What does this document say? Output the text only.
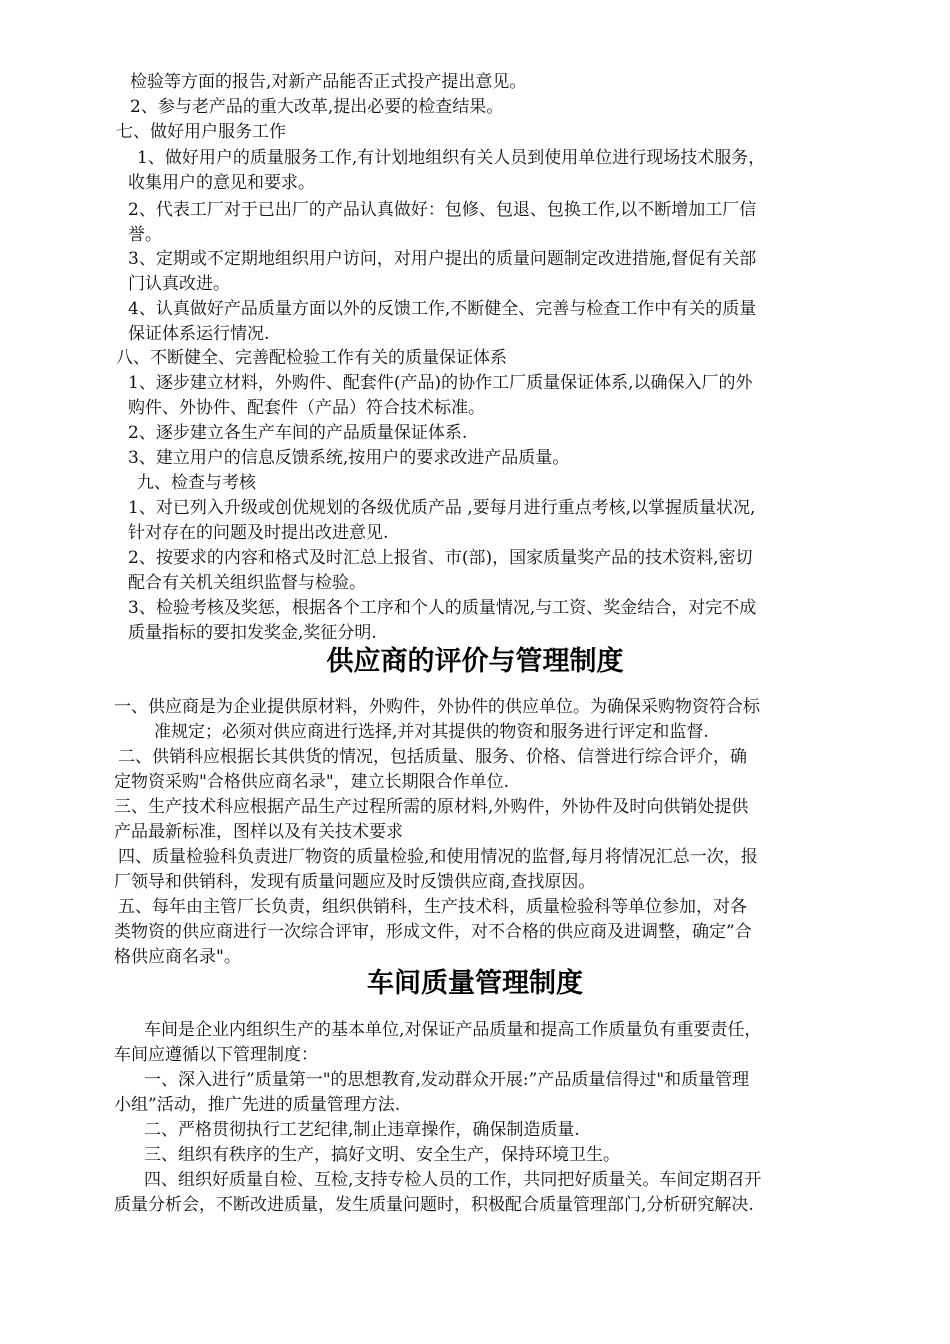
检验等方面的报告,对新产品能否正式投产提出意见。
2、参与老产品的重大改革,提出必要的检查结果。
七、做好用户服务工作
1、做好用户的质量服务工作,有计划地组织有关人员到使用单位进行现场技术服务，
收集用户的意见和要求。
2、代表工厂对于已出厂的产品认真做好：包修、包退、包换工作,以不断增加工厂信
誉。
3、定期或不定期地组织用户访问，对用户提出的质量问题制定改进措施,督促有关部
门认真改进。
4、认真做好产品质量方面以外的反馈工作,不断健全、完善与检查工作中有关的质量
保证体系运行情况.
八、不断健全、完善配检验工作有关的质量保证体系
1、逐步建立材料，外购件、配套件(产品)的协作工厂质量保证体系,以确保入厂的外
购件、外协件、配套件（产品）符合技术标准。
2、逐步建立各生产车间的产品质量保证体系.
3、建立用户的信息反馈系统,按用户的要求改进产品质量。
九、检查与考核
1、对已列入升级或创优规划的各级优质产品 ,要每月进行重点考核,以掌握质量状况,
针对存在的问题及时提出改进意见.
2、按要求的内容和格式及时汇总上报省、市(部)，国家质量奖产品的技术资料,密切
配合有关机关组织监督与检验。
3、检验考核及奖惩，根据各个工序和个人的质量情况,与工资、奖金结合，对完不成
质量指标的要扣发奖金,奖征分明.
供应商的评价与管理制度
一、供应商是为企业提供原材料，外购件，外协件的供应单位。为确保采购物资符合标
准规定；必须对供应商进行选择,并对其提供的物资和服务进行评定和监督.
二、供销科应根据长其供货的情况，包括质量、服务、价格、信誉进行综合评介，确
定物资采购"合格供应商名录"，建立长期限合作单位.
三、生产技术科应根据产品生产过程所需的原材料,外购件，外协件及时向供销处提供
产品最新标准，图样以及有关技术要求
四、质量检验科负责进厂物资的质量检验,和使用情况的监督,每月将情况汇总一次，报
厂领导和供销科，发现有质量问题应及时反馈供应商,查找原因。
五、每年由主管厂长负责，组织供销科，生产技术科，质量检验科等单位参加，对各
类物资的供应商进行一次综合评审，形成文件，对不合格的供应商及进调整，确定”合
格供应商名录"。
车间质量管理制度
车间是企业内组织生产的基本单位,对保证产品质量和提高工作质量负有重要责任，
车间应遵循以下管理制度：
一、深入进行”质量第一"的思想教育,发动群众开展:”产品质量信得过"和质量管理
小组”活动，推广先进的质量管理方法.
二、严格贯彻执行工艺纪律,制止违章操作，确保制造质量.
三、组织有秩序的生产，搞好文明、安全生产，保持环境卫生。
四、组织好质量自检、互检,支持专检人员的工作，共同把好质量关。车间定期召开
质量分析会，不断改进质量，发生质量问题时，积极配合质量管理部门,分析研究解决.
